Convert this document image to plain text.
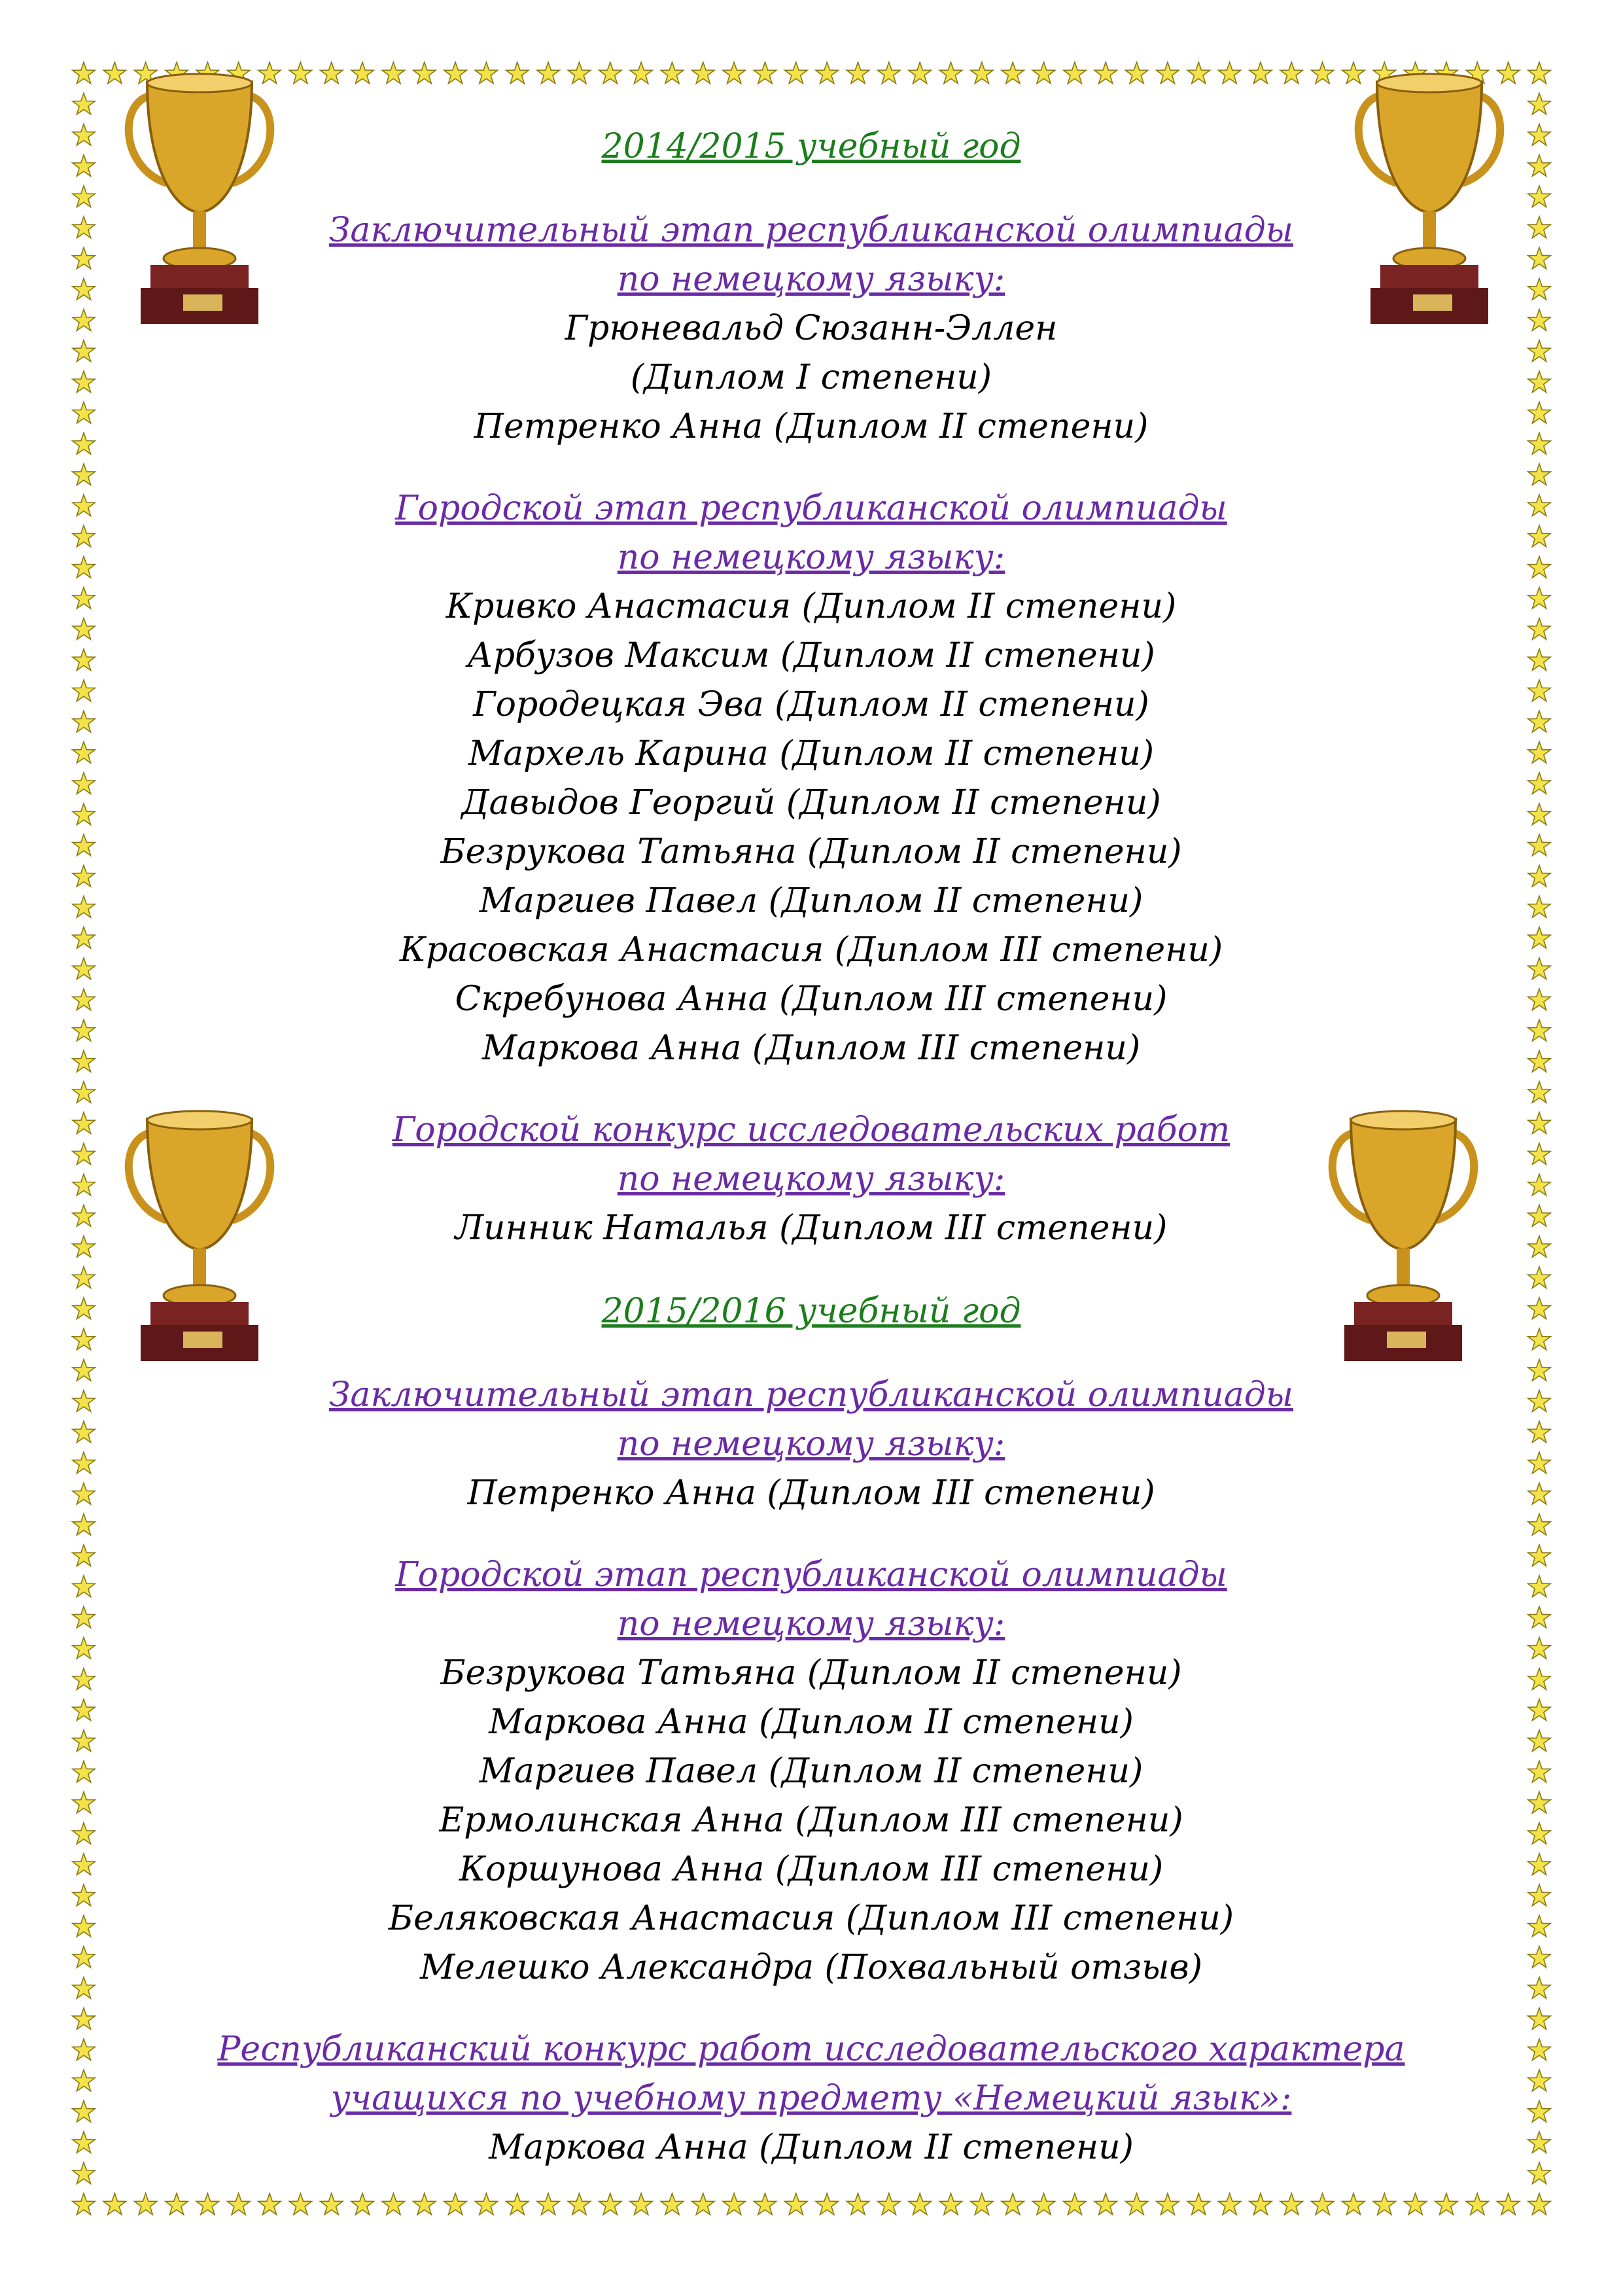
2014/2015 учебный год
Заключительный этап республиканской олимпиады
по немецкому языку:
Грюневальд Сюзанн-Эллен
(Диплом I степени)
Петренко Анна (Диплом II степени)
Городской этап республиканской олимпиады
по немецкому языку:
Кривко Анастасия (Диплом II степени)
Арбузов Максим (Диплом II степени)
Городецкая Эва (Диплом II степени)
Мархель Карина (Диплом II степени)
Давыдов Георгий (Диплом II степени)
Безрукова Татьяна (Диплом II степени)
Маргиев Павел (Диплом II степени)
Красовская Анастасия (Диплом III степени)
Скребунова Анна (Диплом III степени)
Маркова Анна (Диплом III степени)
Городской конкурс исследовательских работ
по немецкому языку:
Линник Наталья (Диплом III степени)
2015/2016 учебный год
Заключительный этап республиканской олимпиады
по немецкому языку:
Петренко Анна (Диплом III степени)
Городской этап республиканской олимпиады
по немецкому языку:
Безрукова Татьяна (Диплом II степени)
Маркова Анна (Диплом II степени)
Маргиев Павел (Диплом II степени)
Ермолинская Анна (Диплом III степени)
Коршунова Анна (Диплом III степени)
Беляковская Анастасия (Диплом III степени)
Мелешко Александра (Похвальный отзыв)
Республиканский конкурс работ исследовательского характера
учащихся по учебному предмету «Немецкий язык»:
Маркова Анна (Диплом II степени)
